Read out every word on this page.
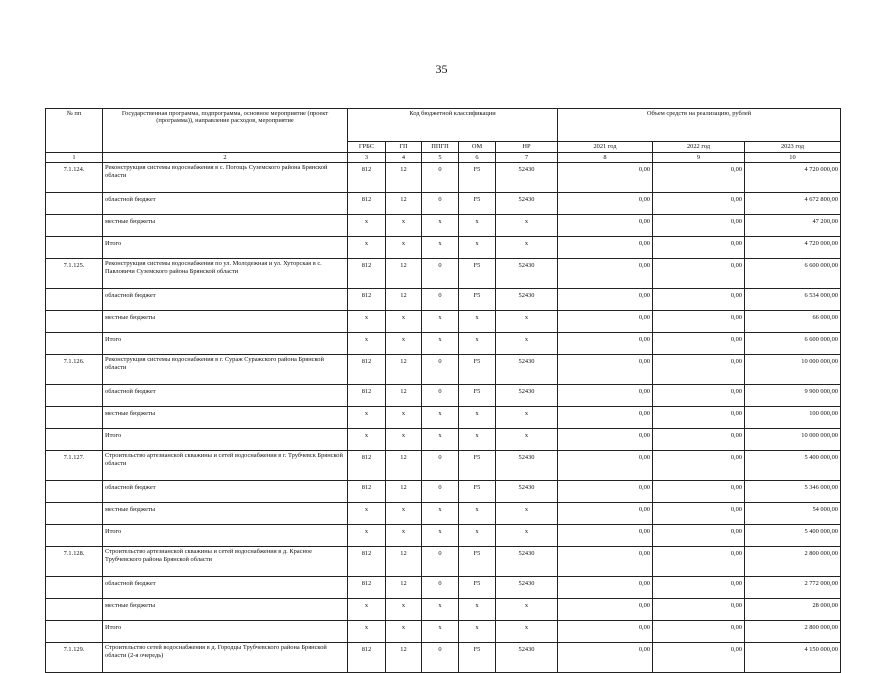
35
№ пп	Государственная программа, подпрограмма, основное мероприятие (проект (программа)), направление расходов, мероприятие	Код бюджетной классификации					Объем средств на реализацию, рублей		
		ГРБС	ГП	ППГП	ОМ	НР	2021 год	2022 год	2023 год
1	2	3	4	5	6	7	8	9	10
7.1.124.	Реконструкция системы водоснабжения в с. Погощь Суземского района Брянской области	812	12	0	F5	52430	0,00	0,00	4 720 000,00
	областной бюджет	812	12	0	F5	52430	0,00	0,00	4 672 800,00
	местные бюджеты	x	x	x	x	x	0,00	0,00	47 200,00
	Итого	x	x	x	x	x	0,00	0,00	4 720 000,00
7.1.125.	Реконструкция системы водоснабжения по ул. Молодежная и ул. Хуторская в с. Павловичи Суземского района Брянской области	812	12	0	F5	52430	0,00	0,00	6 600 000,00
	областной бюджет	812	12	0	F5	52430	0,00	0,00	6 534 000,00
	местные бюджеты	x	x	x	x	x	0,00	0,00	66 000,00
	Итого	x	x	x	x	x	0,00	0,00	6 600 000,00
7.1.126.	Реконструкция системы водоснабжения в г. Сураж Суражского района Брянской области	812	12	0	F5	52430	0,00	0,00	10 000 000,00
	областной бюджет	812	12	0	F5	52430	0,00	0,00	9 900 000,00
	местные бюджеты	x	x	x	x	x	0,00	0,00	100 000,00
	Итого	x	x	x	x	x	0,00	0,00	10 000 000,00
7.1.127.	Строительство артезианской скважины и сетей водоснабжения в г. Трубчевск Брянской области	812	12	0	F5	52430	0,00	0,00	5 400 000,00
	областной бюджет	812	12	0	F5	52430	0,00	0,00	5 346 000,00
	местные бюджеты	x	x	x	x	x	0,00	0,00	54 000,00
	Итого	x	x	x	x	x	0,00	0,00	5 400 000,00
7.1.128.	Строительство артезианской скважины и сетей водоснабжения в д. Красное Трубчевского района Брянской области	812	12	0	F5	52430	0,00	0,00	2 800 000,00
	областной бюджет	812	12	0	F5	52430	0,00	0,00	2 772 000,00
	местные бюджеты	x	x	x	x	x	0,00	0,00	28 000,00
	Итого	x	x	x	x	x	0,00	0,00	2 800 000,00
7.1.129.	Строительство сетей водоснабжения в д. Городцы Трубчевского района Брянской области (2-я очередь)	812	12	0	F5	52430	0,00	0,00	4 150 000,00
